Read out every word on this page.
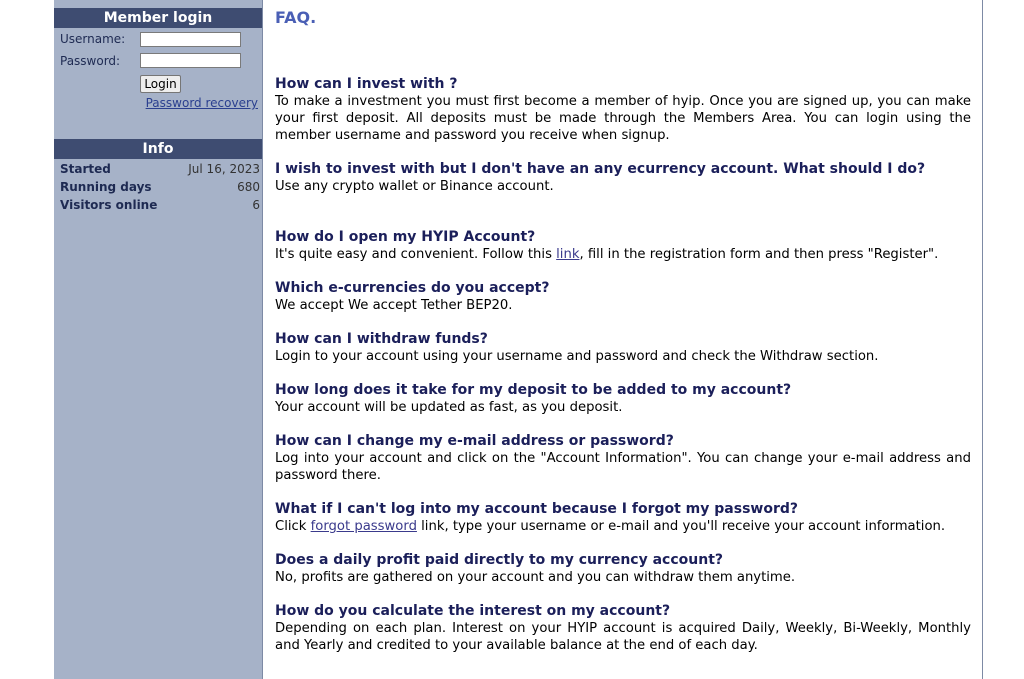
Member login
Username:
Password:
Login
Password recovery
Info
Started	Jul 16, 2023
Running days	680
Visitors online	6
FAQ.
How can I invest with ?
To make a investment you must first become a member of hyip. Once you are signed up, you can make your first deposit. All deposits must be made through the Members Area. You can login using the member username and password you receive when signup.
I wish to invest with but I don't have an any ecurrency account. What should I do?
Use any crypto wallet or Binance account.
How do I open my HYIP Account?
It's quite easy and convenient. Follow this link, fill in the registration form and then press "Register".
Which e-currencies do you accept?
We accept We accept Tether BEP20.
How can I withdraw funds?
Login to your account using your username and password and check the Withdraw section.
How long does it take for my deposit to be added to my account?
Your account will be updated as fast, as you deposit.
How can I change my e-mail address or password?
Log into your account and click on the "Account Information". You can change your e-mail address and password there.
What if I can't log into my account because I forgot my password?
Click forgot password link, type your username or e-mail and you'll receive your account information.
Does a daily profit paid directly to my currency account?
No, profits are gathered on your account and you can withdraw them anytime.
How do you calculate the interest on my account?
Depending on each plan. Interest on your HYIP account is acquired Daily, Weekly, Bi-Weekly, Monthly and Yearly and credited to your available balance at the end of each day.
